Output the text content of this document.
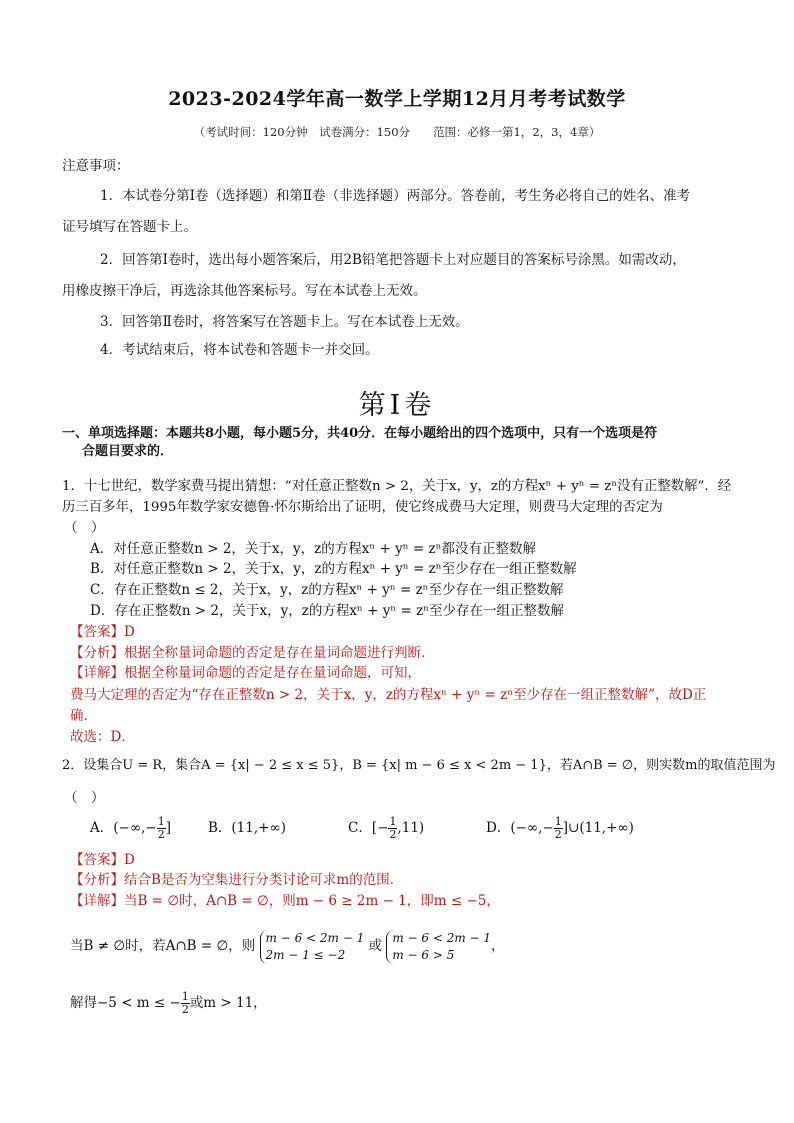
2023-2024学年高一数学上学期12月月考考试数学
（考试时间：120分钟　试卷满分：150分　　范围：必修一第1，2，3，4章）
注意事项：
1．本试卷分第Ⅰ卷（选择题）和第Ⅱ卷（非选择题）两部分。答卷前，考生务必将自己的姓名、准考
证号填写在答题卡上。
2．回答第Ⅰ卷时，选出每小题答案后，用2B铅笔把答题卡上对应题目的答案标号涂黑。如需改动，
用橡皮擦干净后，再选涂其他答案标号。写在本试卷上无效。
3．回答第Ⅱ卷时，将答案写在答题卡上。写在本试卷上无效。
4．考试结束后，将本试卷和答题卡一并交回。
第Ⅰ卷
一、单项选择题：本题共8小题，每小题5分，共40分．在每小题给出的四个选项中，只有一个选项是符
合题目要求的．
1．十七世纪，数学家费马提出猜想：“对任意正整数n > 2，关于x，y，z的方程xⁿ + yⁿ = zⁿ没有正整数解”．经
历三百多年，1995年数学家安德鲁·怀尔斯给出了证明，使它终成费马大定理，则费马大定理的否定为
（　）
A．对任意正整数n > 2，关于x，y，z的方程xⁿ + yⁿ = zⁿ都没有正整数解
B．对任意正整数n > 2，关于x，y，z的方程xⁿ + yⁿ = zⁿ至少存在一组正整数解
C．存在正整数n ≤ 2，关于x，y，z的方程xⁿ + yⁿ = zⁿ至少存在一组正整数解
D．存在正整数n > 2，关于x，y，z的方程xⁿ + yⁿ = zⁿ至少存在一组正整数解
【答案】D
【分析】根据全称量词命题的否定是存在量词命题进行判断．
【详解】根据全称量词命题的否定是存在量词命题，可知，
费马大定理的否定为“存在正整数n > 2，关于x，y，z的方程xⁿ + yⁿ = zⁿ至少存在一组正整数解”，故D正
确．
故选：D．
2．设集合U = R，集合A = {x| − 2 ≤ x ≤ 5}，B = {x| m − 6 ≤ x < 2m − 1}，若A∩B = ∅，则实数m的取值范围为
（　）
A．(−∞,− $\frac{1}{2}$ ]	B．(11,+∞)	C．[− $\frac{1}{2} ,11$)	D．(−∞,− $\frac{1}{2}$ ]∪(11,+∞)
【答案】D
【分析】结合B是否为空集进行分类讨论可求m的范围．
【详解】当B = ∅时，A∩B = ∅，则m − 6 ≥ 2m − 1，即m ≤ −5，
当B ≠ ∅时，若A∩B = ∅，则
m − 6 < 2m − 1
2m − 1 ≤ −2
或
m − 6 < 2m − 1
m − 6 > 5
，
解得−5 < m ≤ − $\frac{1}{2}$ 或m > 11，
